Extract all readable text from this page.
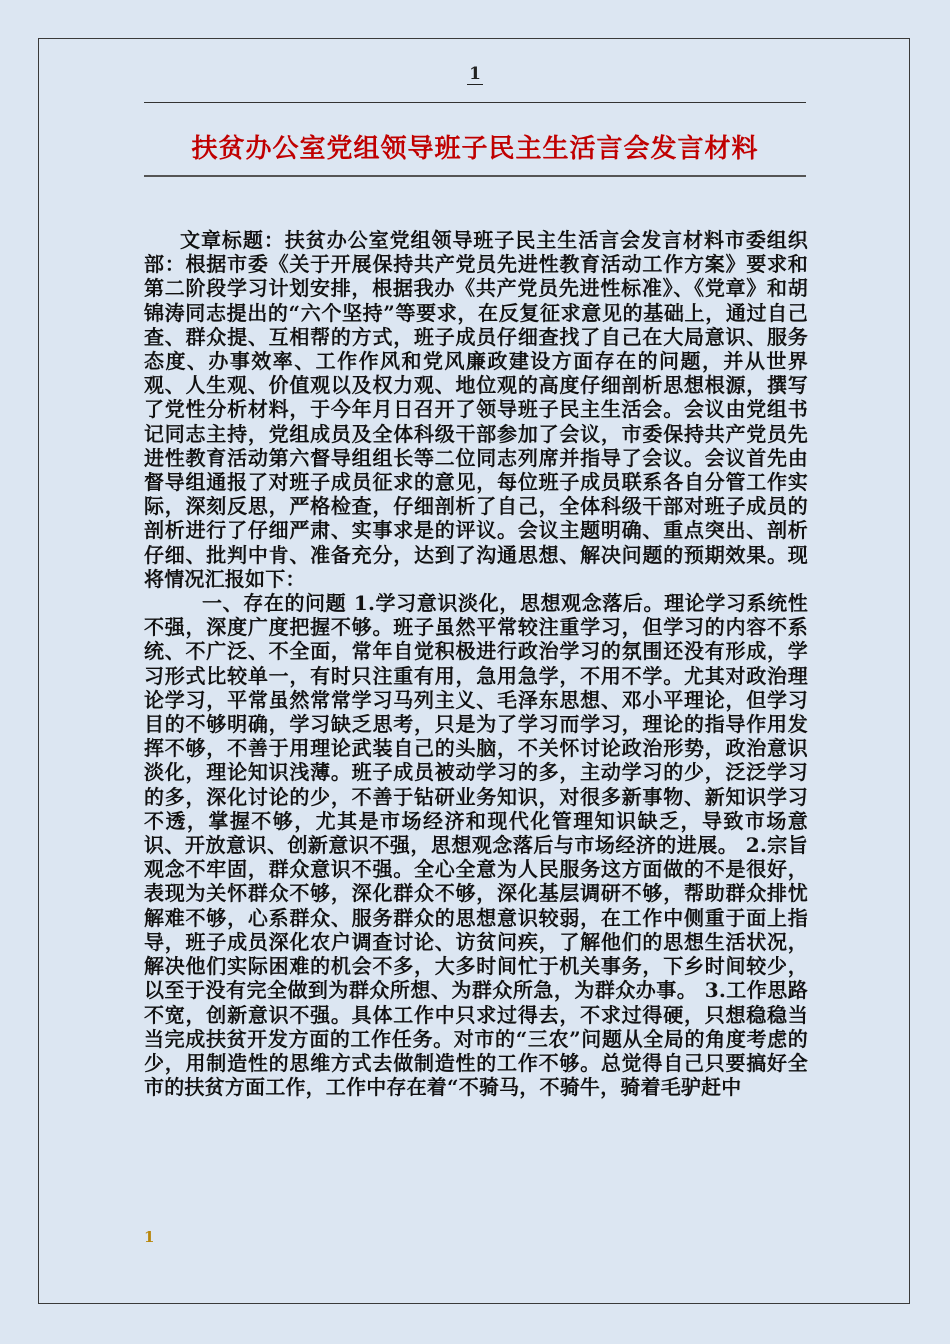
1
扶贫办公室党组领导班子民主生活言会发言材料

文章标题：扶贫办公室党组领导班子民主生活言会发言材料市委组织部：根据市委《关于开展保持共产党员先进性教育活动工作方案》要求和第二阶段学习计划安排，根据我办《共产党员先进性标准》、《党章》和胡锦涛同志提出的“六个坚持”等要求，在反复征求意见的基础上，通过自己查、群众提、互相帮的方式，班子成员仔细查找了自己在大局意识、服务态度、办事效率、工作作风和党风廉政建设方面存在的问题，并从世界观、人生观、价值观以及权力观、地位观的高度仔细剖析思想根源，撰写了党性分析材料，于今年月日召开了领导班子民主生活会。会议由党组书记同志主持，党组成员及全体科级干部参加了会议，市委保持共产党员先进性教育活动第六督导组组长等二位同志列席并指导了会议。会议首先由督导组通报了对班子成员征求的意见，每位班子成员联系各自分管工作实际，深刻反思，严格检查，仔细剖析了自己，全体科级干部对班子成员的剖析进行了仔细严肃、实事求是的评议。会议主题明确、重点突出、剖析仔细、批判中肯、准备充分，达到了沟通思想、解决问题的预期效果。现将情况汇报如下：

一、存在的问题 1.学习意识淡化，思想观念落后。理论学习系统性不强，深度广度把握不够。班子虽然平常较注重学习，但学习的内容不系统、不广泛、不全面，常年自觉积极进行政治学习的氛围还没有形成，学习形式比较单一，有时只注重有用，急用急学，不用不学。尤其对政治理论学习，平常虽然常常学习马列主义、毛泽东思想、邓小平理论，但学习目的不够明确，学习缺乏思考，只是为了学习而学习，理论的指导作用发挥不够，不善于用理论武装自己的头脑，不关怀讨论政治形势，政治意识淡化，理论知识浅薄。班子成员被动学习的多，主动学习的少，泛泛学习的多，深化讨论的少，不善于钻研业务知识，对很多新事物、新知识学习不透，掌握不够，尤其是市场经济和现代化管理知识缺乏，导致市场意识、开放意识、创新意识不强，思想观念落后与市场经济的进展。 2.宗旨观念不牢固，群众意识不强。全心全意为人民服务这方面做的不是很好，表现为关怀群众不够，深化群众不够，深化基层调研不够，帮助群众排忧解难不够，心系群众、服务群众的思想意识较弱，在工作中侧重于面上指导，班子成员深化农户调查讨论、访贫问疾，了解他们的思想生活状况，解决他们实际困难的机会不多，大多时间忙于机关事务，下乡时间较少，以至于没有完全做到为群众所想、为群众所急，为群众办事。 3.工作思路不宽，创新意识不强。具体工作中只求过得去，不求过得硬，只想稳稳当当完成扶贫开发方面的工作任务。对市的“三农”问题从全局的角度考虑的少，用制造性的思维方式去做制造性的工作不够。总觉得自己只要搞好全市的扶贫方面工作，工作中存在着“不骑马，不骑牛，骑着毛驴赶中

1
